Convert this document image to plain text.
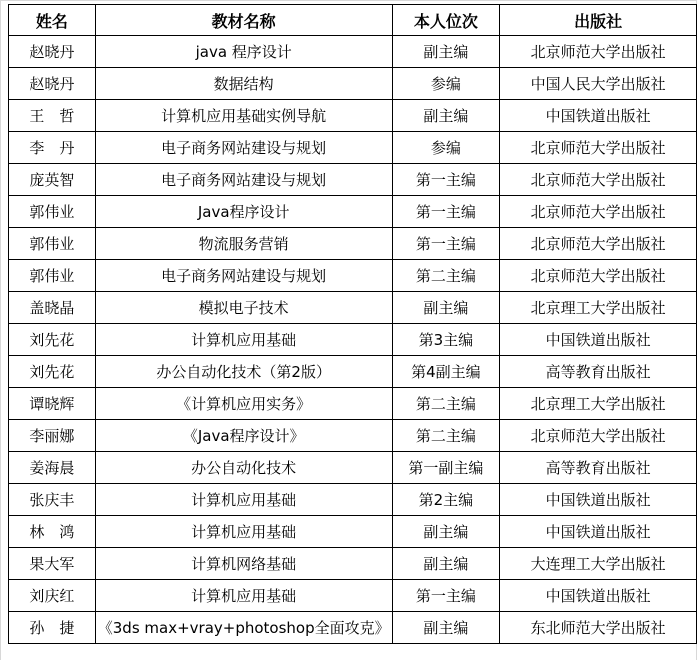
姓名	教材名称	本人位次	出版社
赵晓丹	java 程序设计	副主编	北京师范大学出版社
赵晓丹	数据结构	参编	中国人民大学出版社
王　哲	计算机应用基础实例导航	副主编	中国铁道出版社
李　丹	电子商务网站建设与规划	参编	北京师范大学出版社
庞英智	电子商务网站建设与规划	第一主编	北京师范大学出版社
郭伟业	Java程序设计	第一主编	北京师范大学出版社
郭伟业	物流服务营销	第一主编	北京师范大学出版社
郭伟业	电子商务网站建设与规划	第二主编	北京师范大学出版社
盖晓晶	模拟电子技术	副主编	北京理工大学出版社
刘先花	计算机应用基础	第3主编	中国铁道出版社
刘先花	办公自动化技术（第2版）	第4副主编	高等教育出版社
谭晓辉	《计算机应用实务》	第二主编	北京理工大学出版社
李丽娜	《Java程序设计》	第二主编	北京师范大学出版社
姜海晨	办公自动化技术	第一副主编	高等教育出版社
张庆丰	计算机应用基础	第2主编	中国铁道出版社
林　鸿	计算机应用基础	副主编	中国铁道出版社
果大军	计算机网络基础	副主编	大连理工大学出版社
刘庆红	计算机应用基础	第一主编	中国铁道出版社
孙　捷	《3ds max+vray+photoshop全面攻克》	副主编	东北师范大学出版社
